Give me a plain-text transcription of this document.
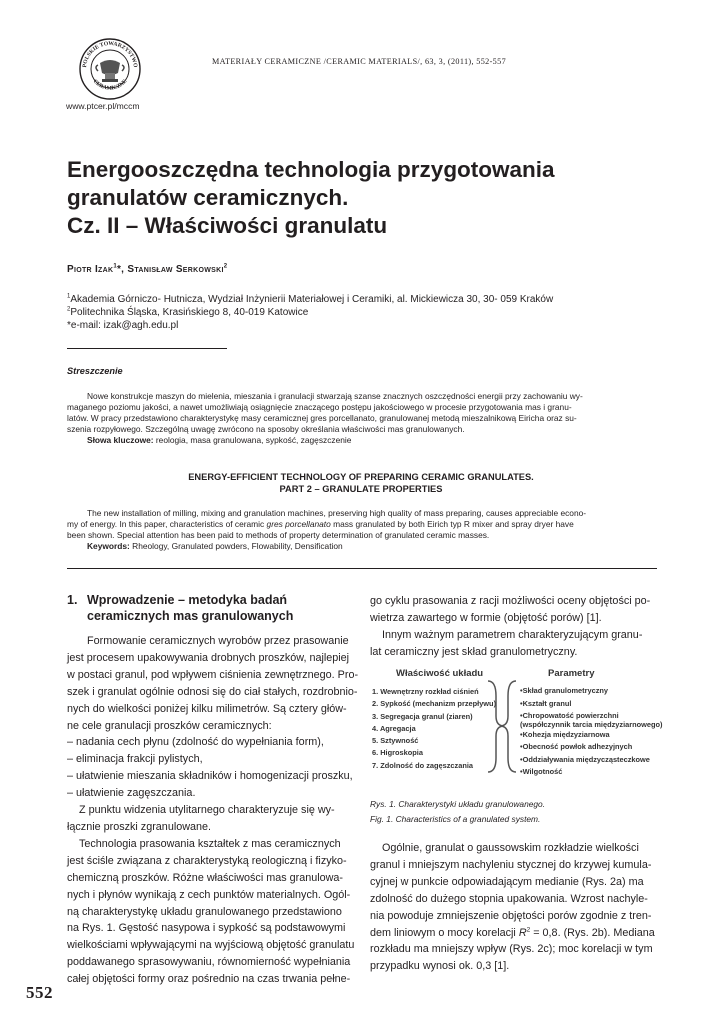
POLSKIE TOWARZYSTWO
CERAMICZNE
www.ptcer.pl/mccm
MATERIAŁY CERAMICZNE /CERAMIC MATERIALS/, 63, 3, (2011), 552-557
Energooszczędna technologia przygotowania
granulatów ceramicznych.
Cz. II – Właściwości granulatu
Piotr Izak$^1$*, Stanisław Serkowski$^2$
$^1$Akademia Górniczo- Hutnicza, Wydział Inżynierii Materiałowej i Ceramiki, al. Mickiewicza 30, 30- 059 Kraków
$^2$Politechnika Śląska, Krasińskiego 8, 40-019 Katowice
*e-mail: izak@agh.edu.pl
Streszczenie
Nowe konstrukcje maszyn do mielenia, mieszania i granulacji stwarzają szanse znacznych oszczędności energii przy zachowaniu wy-
maganego poziomu jakości, a nawet umożliwiają osiągnięcie znaczącego postępu jakościowego w procesie przygotowania mas i granu-
latów. W pracy przedstawiono charakterystykę masy ceramicznej gres porcellanato, granulowanej metodą mieszalnikową Eiricha oraz su-
szenia rozpyłowego. Szczególną uwagę zwrócono na sposoby określania właściwości mas granulowanych.
Słowa kluczowe: reologia, masa granulowana, sypkość, zagęszczenie
ENERGY-EFFICIENT TECHNOLOGY OF PREPARING CERAMIC GRANULATES.
PART 2 – GRANULATE PROPERTIES
The new installation of milling, mixing and granulation machines, preserving high quality of mass preparing, causes appreciable econo-
my of energy. In this paper, characteristics of ceramic gres porcellanato mass granulated by both Eirich typ R mixer and spray dryer have
been shown. Special attention has been paid to methods of property determination of granulated ceramic masses.
Keywords: Rheology, Granulated powders, Flowability, Densification
1. Wprowadzenie – metodyka badań
ceramicznych mas granulowanych
Formowanie ceramicznych wyrobów przez prasowanie
jest procesem upakowywania drobnych proszków, najlepiej
w postaci granul, pod wpływem ciśnienia zewnętrznego. Pro-
szek i granulat ogólnie odnosi się do ciał stałych, rozdrobnio-
nych do wielkości poniżej kilku milimetrów. Są cztery głów-
ne cele granulacji proszków ceramicznych:
– nadania cech płynu (zdolność do wypełniania form),
– eliminacja frakcji pylistych,
– ułatwienie mieszania składników i homogenizacji proszku,
– ułatwienie zagęszczania.
Z punktu widzenia utylitarnego charakteryzuje się wy-
łącznie proszki zgranulowane.
Technologia prasowania kształtek z mas ceramicznych
jest ściśle związana z charakterystyką reologiczną i fizyko-
chemiczną proszków. Różne właściwości mas granulowa-
nych i płynów wynikają z cech punktów materialnych. Ogól-
ną charakterystykę układu granulowanego przedstawiono
na Rys. 1. Gęstość nasypowa i sypkość są podstawowymi
wielkościami wpływającymi na wyjściową objętość granulatu
poddawanego sprasowywaniu, równomierność wypełniania
całej objętości formy oraz pośrednio na czas trwania pełne-
go cyklu prasowania z racji możliwości oceny objętości po-
wietrza zawartego w formie (objętość porów) [1].
Innym ważnym parametrem charakteryzującym granu-
lat ceramiczny jest skład granulometryczny.
Właściwość układu	Parametry
1. Wewnętrzny rozkład ciśnień
2. Sypkość (mechanizm przepływu)
3. Segregacja granul (ziaren)
4. Agregacja
5. Sztywność
6. Higroskopia
7. Zdolność do zagęszczania
•Skład granulometryczny
•Kształt granul
•Chropowatość powierzchni
(współczynnik tarcia międzyziarnowego)
•Kohezja międzyziarnowa
•Obecność powłok adhezyjnych
•Oddziaływania międzycząsteczkowe
•Wilgotność
Rys. 1. Charakterystyki układu granulowanego.
Fig. 1. Characteristics of a granulated system.
Ogólnie, granulat o gaussowskim rozkładzie wielkości
granul i mniejszym nachyleniu stycznej do krzywej kumula-
cyjnej w punkcie odpowiadającym medianie (Rys. 2a) ma
zdolność do dużego stopnia upakowania. Wzrost nachyle-
nia powoduje zmniejszenie objętości porów zgodnie z tren-
dem liniowym o mocy korelacji $R^2 = 0,8$. (Rys. 2b). Mediana
rozkładu ma mniejszy wpływ (Rys. 2c); moc korelacji w tym
przypadku wynosi ok. 0,3 [1].
552
